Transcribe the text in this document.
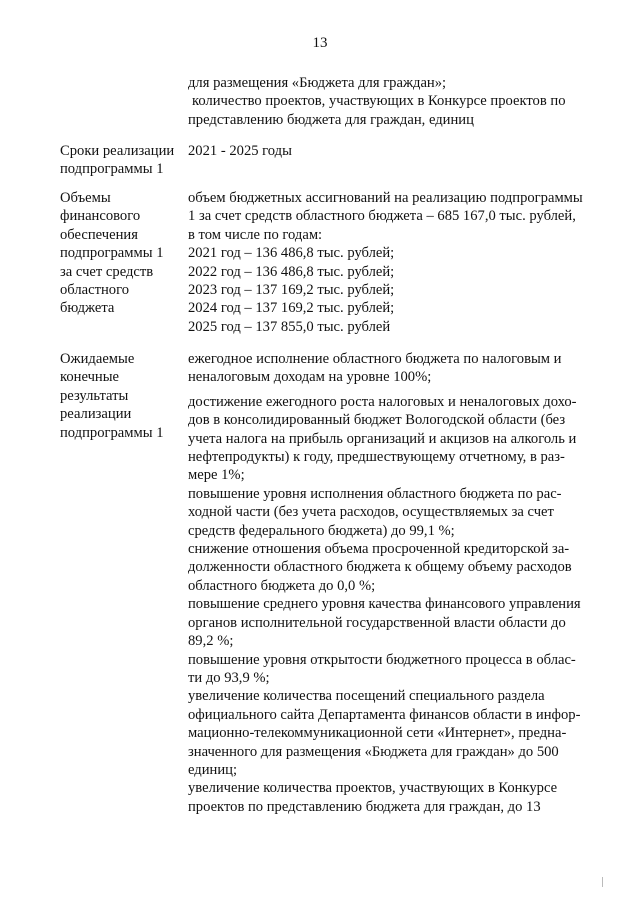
13
для размещения «Бюджета для граждан»;
количество проектов, участвующих в Конкурсе проектов по
представлению бюджета для граждан, единиц
Сроки реализации
подпрограммы 1
2021 - 2025 годы
Объемы
финансового
обеспечения
подпрограммы 1
за счет средств
областного
бюджета
объем бюджетных ассигнований на реализацию подпрограммы
1 за счет средств областного бюджета – 685 167,0 тыс. рублей,
в том числе по годам:
2021 год – 136 486,8 тыс. рублей;
2022 год – 136 486,8 тыс. рублей;
2023 год – 137 169,2 тыс. рублей;
2024 год – 137 169,2 тыс. рублей;
2025 год – 137 855,0 тыс. рублей
Ожидаемые
конечные
результаты
реализации
подпрограммы 1
ежегодное исполнение областного бюджета по налоговым и
неналоговым доходам на уровне 100%;
достижение ежегодного роста налоговых и неналоговых дохо-
дов в консолидированный бюджет Вологодской области (без
учета налога на прибыль организаций и акцизов на алкоголь и
нефтепродукты) к году, предшествующему отчетному, в раз-
мере 1%;
повышение уровня исполнения областного бюджета по рас-
ходной части (без учета расходов, осуществляемых за счет
средств федерального бюджета) до 99,1 %;
снижение отношения объема просроченной кредиторской за-
долженности областного бюджета к общему объему расходов
областного бюджета до 0,0 %;
повышение среднего уровня качества финансового управления
органов исполнительной государственной власти области до
89,2 %;
повышение уровня открытости бюджетного процесса в облас-
ти до 93,9 %;
увеличение количества посещений специального раздела
официального сайта Департамента финансов области в инфор-
мационно-телекоммуникационной сети «Интернет», предна-
значенного для размещения «Бюджета для граждан» до 500
единиц;
увеличение количества проектов, участвующих в Конкурсе
проектов по представлению бюджета для граждан, до 13
